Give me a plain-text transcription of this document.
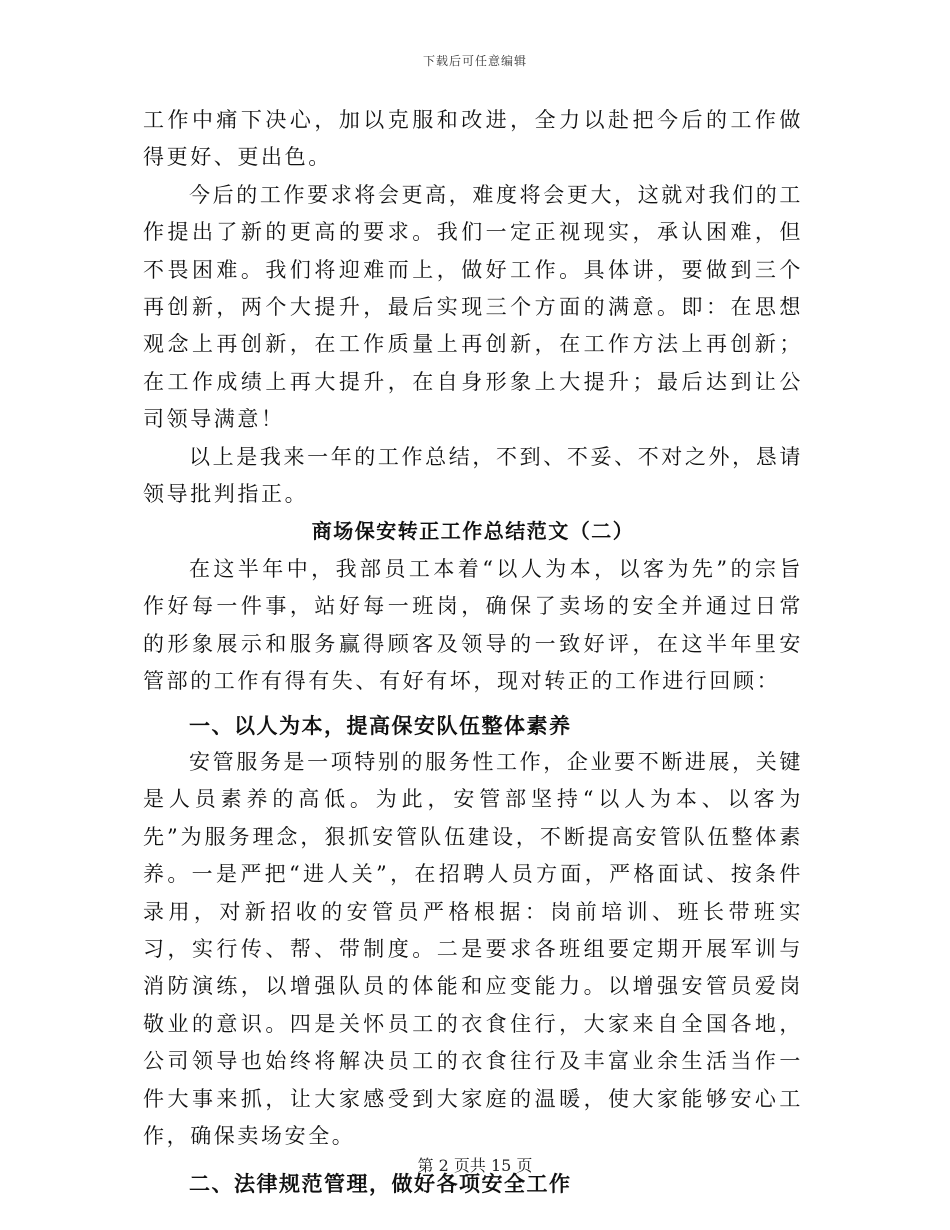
下载后可任意编辑

工作中痛下决心，加以克服和改进，全力以赴把今后的工作做得更好、更出色。

今后的工作要求将会更高，难度将会更大，这就对我们的工作提出了新的更高的要求。我们一定正视现实，承认困难，但不畏困难。我们将迎难而上，做好工作。具体讲，要做到三个再创新，两个大提升，最后实现三个方面的满意。即：在思想观念上再创新，在工作质量上再创新，在工作方法上再创新；在工作成绩上再大提升，在自身形象上大提升；最后达到让公司领导满意！

以上是我来一年的工作总结，不到、不妥、不对之外，恳请领导批判指正。

商场保安转正工作总结范文（二）

在这半年中，我部员工本着“以人为本，以客为先”的宗旨作好每一件事，站好每一班岗，确保了卖场的安全并通过日常的形象展示和服务赢得顾客及领导的一致好评，在这半年里安管部的工作有得有失、有好有坏，现对转正的工作进行回顾：

一、以人为本，提高保安队伍整体素养

安管服务是一项特别的服务性工作，企业要不断进展，关键是人员素养的高低。为此，安管部坚持“以人为本、以客为先”为服务理念，狠抓安管队伍建设，不断提高安管队伍整体素养。一是严把“进人关”，在招聘人员方面，严格面试、按条件录用，对新招收的安管员严格根据：岗前培训、班长带班实习，实行传、帮、带制度。二是要求各班组要定期开展军训与消防演练，以增强队员的体能和应变能力。以增强安管员爱岗敬业的意识。四是关怀员工的衣食住行，大家来自全国各地，公司领导也始终将解决员工的衣食往行及丰富业余生活当作一件大事来抓，让大家感受到大家庭的温暖，使大家能够安心工作，确保卖场安全。

二、法律规范管理，做好各项安全工作
第 2 页共 15 页
